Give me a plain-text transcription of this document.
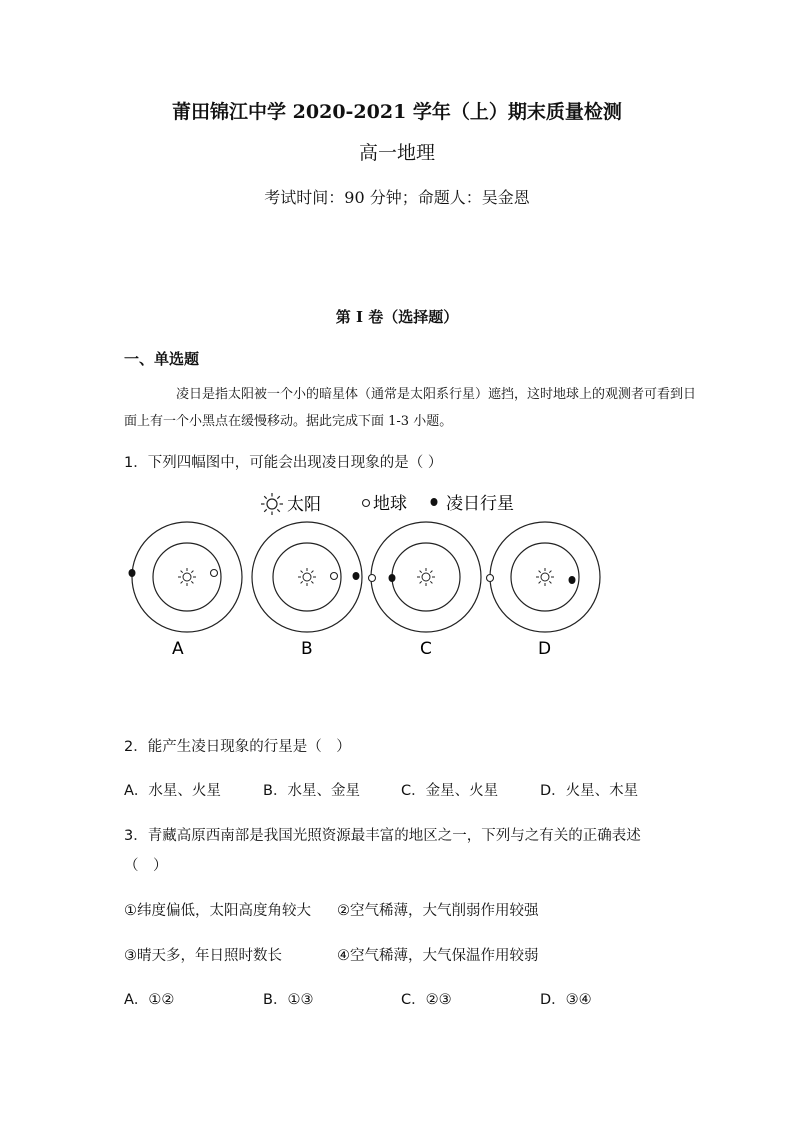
莆田锦江中学 2020-2021 学年（上）期末质量检测
高一地理
考试时间：90 分钟；命题人：吴金恩
第 I 卷（选择题）
一、单选题
凌日是指太阳被一个小的暗星体（通常是太阳系行星）遮挡，这时地球上的观测者可看到日面上有一个小黑点在缓慢移动。据此完成下面 1-3 小题。
1．下列四幅图中，可能会出现凌日现象的是（ ）
太阳	地球 凌日行星
A	B	C	D
2．能产生凌日现象的行星是（　）
A．水星、火星	B．水星、金星	C．金星、火星	D．火星、木星
3．青藏高原西南部是我国光照资源最丰富的地区之一，下列与之有关的正确表述
（　）
①纬度偏低，太阳高度角较大 ②空气稀薄，大气削弱作用较强
③晴天多，年日照时数长	④空气稀薄，大气保温作用较弱
A．①②	B．①③	C．②③	D．③④
